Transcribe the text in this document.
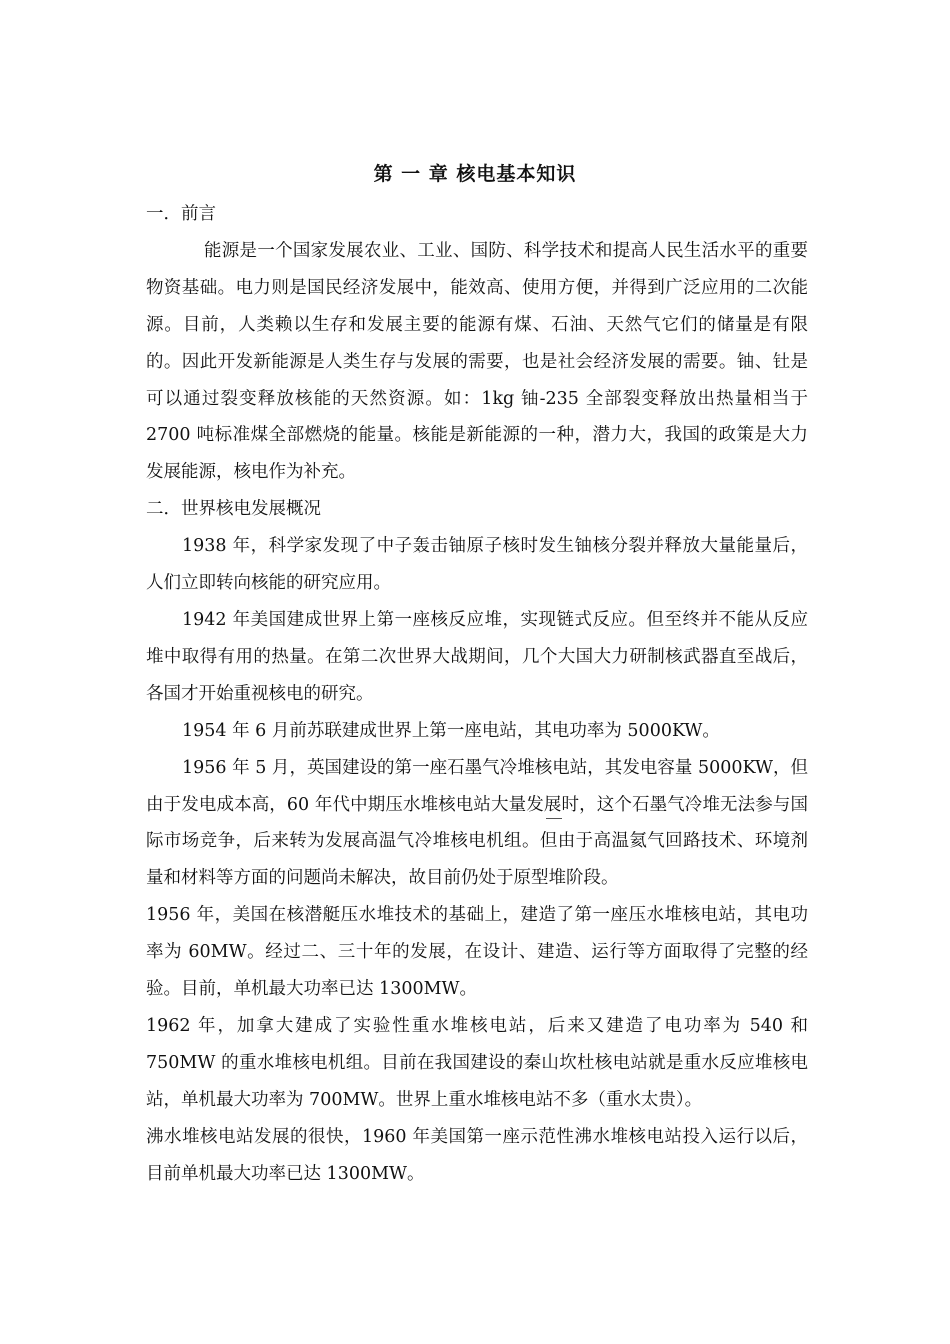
第 一 章 核电基本知识

一．前言

能源是一个国家发展农业、工业、国防、科学技术和提高人民生活水平的重要物资基础。电力则是国民经济发展中，能效高、使用方便，并得到广泛应用的二次能源。目前，人类赖以生存和发展主要的能源有煤、石油、天然气它们的储量是有限的。因此开发新能源是人类生存与发展的需要，也是社会经济发展的需要。铀、钍是可以通过裂变释放核能的天然资源。如：1kg 铀-235 全部裂变释放出热量相当于 2700 吨标准煤全部燃烧的能量。核能是新能源的一种，潜力大，我国的政策是大力发展能源，核电作为补充。

二．世界核电发展概况

1938 年，科学家发现了中子轰击铀原子核时发生铀核分裂并释放大量能量后，人们立即转向核能的研究应用。

1942 年美国建成世界上第一座核反应堆，实现链式反应。但至终并不能从反应堆中取得有用的热量。在第二次世界大战期间，几个大国大力研制核武器直至战后，各国才开始重视核电的研究。

1954 年 6 月前苏联建成世界上第一座电站，其电功率为 5000KW。

1956 年 5 月，英国建设的第一座石墨气冷堆核电站，其发电容量 5000KW，但由于发电成本高，60 年代中期压水堆核电站大量发展时，这个石墨气冷堆无法参与国际市场竞争，后来转为发展高温气冷堆核电机组。但由于高温氦气回路技术、环境剂量和材料等方面的问题尚未解决，故目前仍处于原型堆阶段。

1956 年，美国在核潜艇压水堆技术的基础上，建造了第一座压水堆核电站，其电功率为 60MW。经过二、三十年的发展，在设计、建造、运行等方面取得了完整的经验。目前，单机最大功率已达 1300MW。

1962 年，加拿大建成了实验性重水堆核电站，后来又建造了电功率为 540 和 750MW 的重水堆核电机组。目前在我国建设的秦山坎杜核电站就是重水反应堆核电站，单机最大功率为 700MW。世界上重水堆核电站不多（重水太贵）。

沸水堆核电站发展的很快，1960 年美国第一座示范性沸水堆核电站投入运行以后，目前单机最大功率已达 1300MW。
